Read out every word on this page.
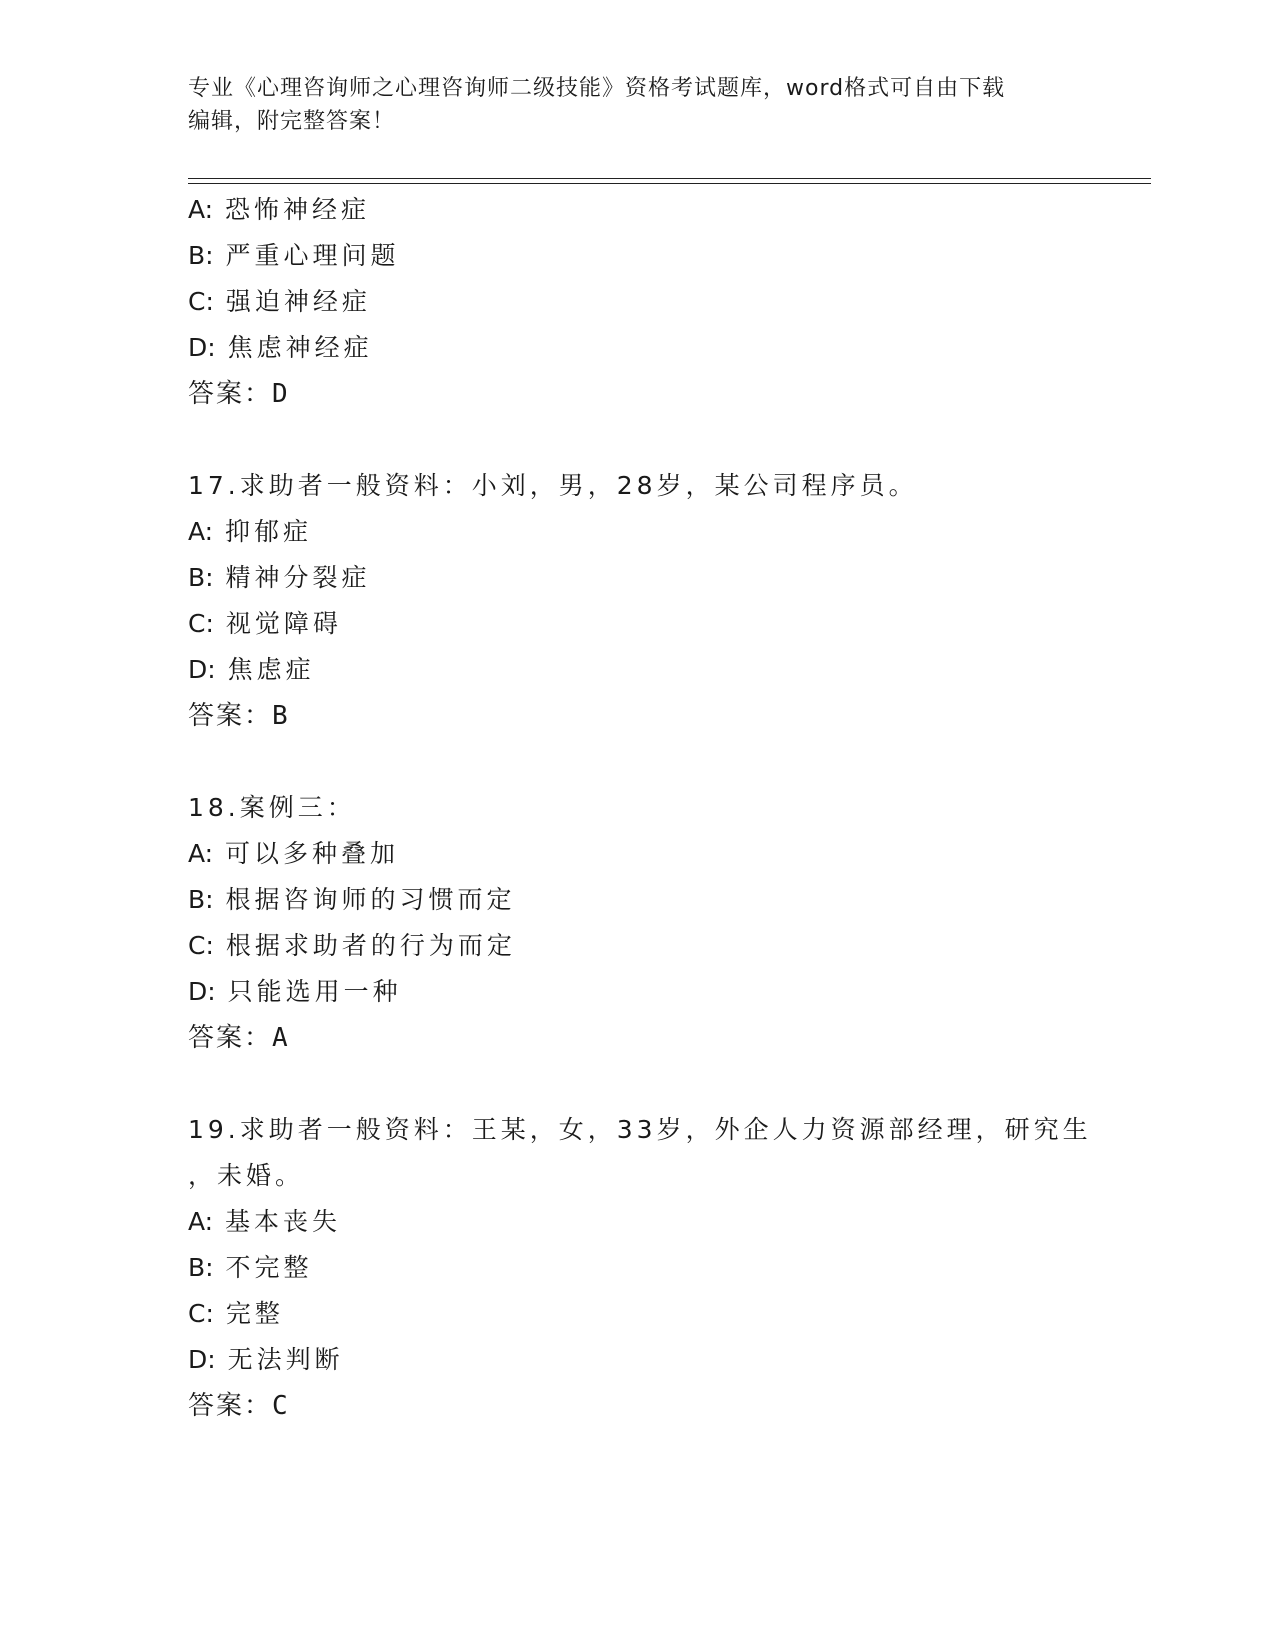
专业《心理咨询师之心理咨询师二级技能》资格考试题库，word格式可自由下载
编辑，附完整答案！
A: 恐怖神经症
B: 严重心理问题
C: 强迫神经症
D: 焦虑神经症
答案：D
17.求助者一般资料：小刘，男，28岁，某公司程序员。
A: 抑郁症
B: 精神分裂症
C: 视觉障碍
D: 焦虑症
答案：B
18.案例三：
A: 可以多种叠加
B: 根据咨询师的习惯而定
C: 根据求助者的行为而定
D: 只能选用一种
答案：A
19.求助者一般资料：王某，女，33岁，外企人力资源部经理，研究生
，未婚。
A: 基本丧失
B: 不完整
C: 完整
D: 无法判断
答案：C
